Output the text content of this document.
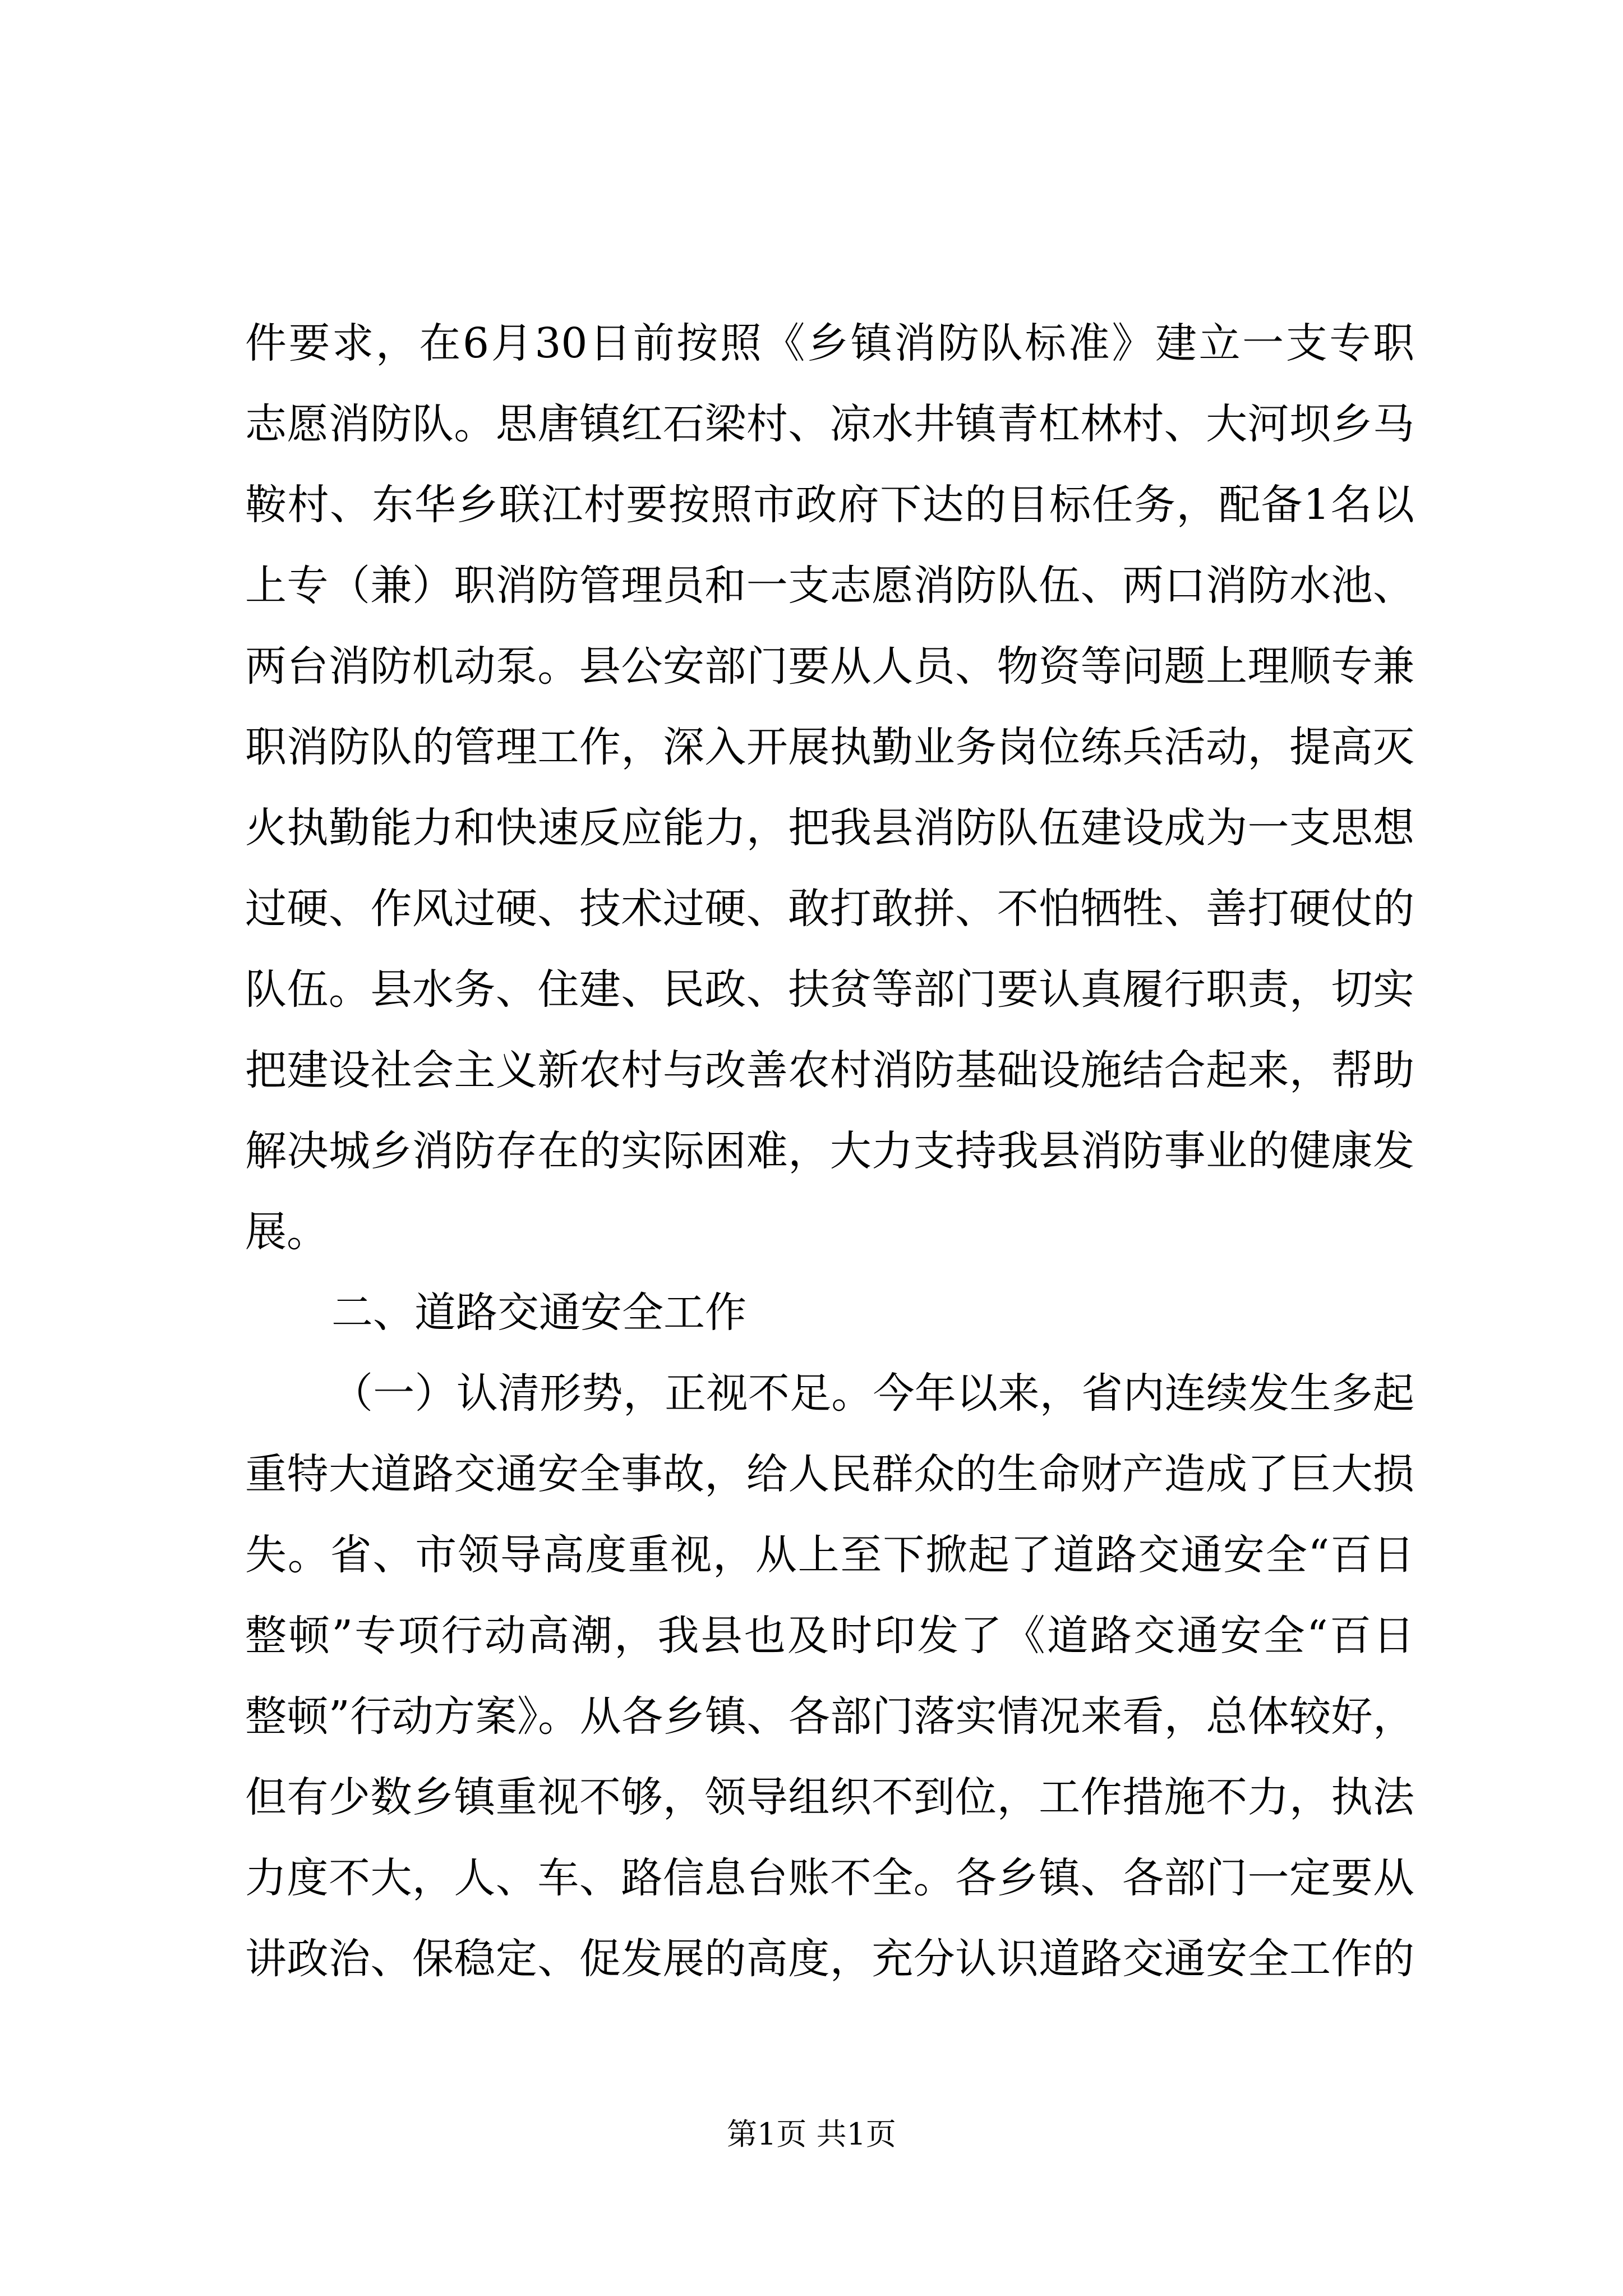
件要求，在6月30日前按照《乡镇消防队标准》建立一支专职
志愿消防队。思唐镇红石梁村、凉水井镇青杠林村、大河坝乡马
鞍村、东华乡联江村要按照市政府下达的目标任务，配备1名以
上专（兼）职消防管理员和一支志愿消防队伍、两口消防水池、
两台消防机动泵。县公安部门要从人员、物资等问题上理顺专兼
职消防队的管理工作，深入开展执勤业务岗位练兵活动，提高灭
火执勤能力和快速反应能力，把我县消防队伍建设成为一支思想
过硬、作风过硬、技术过硬、敢打敢拼、不怕牺牲、善打硬仗的
队伍。县水务、住建、民政、扶贫等部门要认真履行职责，切实
把建设社会主义新农村与改善农村消防基础设施结合起来，帮助
解决城乡消防存在的实际困难，大力支持我县消防事业的健康发
展。
二、道路交通安全工作
（一）认清形势，正视不足。今年以来，省内连续发生多起
重特大道路交通安全事故，给人民群众的生命财产造成了巨大损
失。省、市领导高度重视，从上至下掀起了道路交通安全“百日
整顿”专项行动高潮，我县也及时印发了《道路交通安全“百日
整顿”行动方案》。从各乡镇、各部门落实情况来看，总体较好，
但有少数乡镇重视不够，领导组织不到位，工作措施不力，执法
力度不大，人、车、路信息台账不全。各乡镇、各部门一定要从
讲政治、保稳定、促发展的高度，充分认识道路交通安全工作的
第1页 共1页
